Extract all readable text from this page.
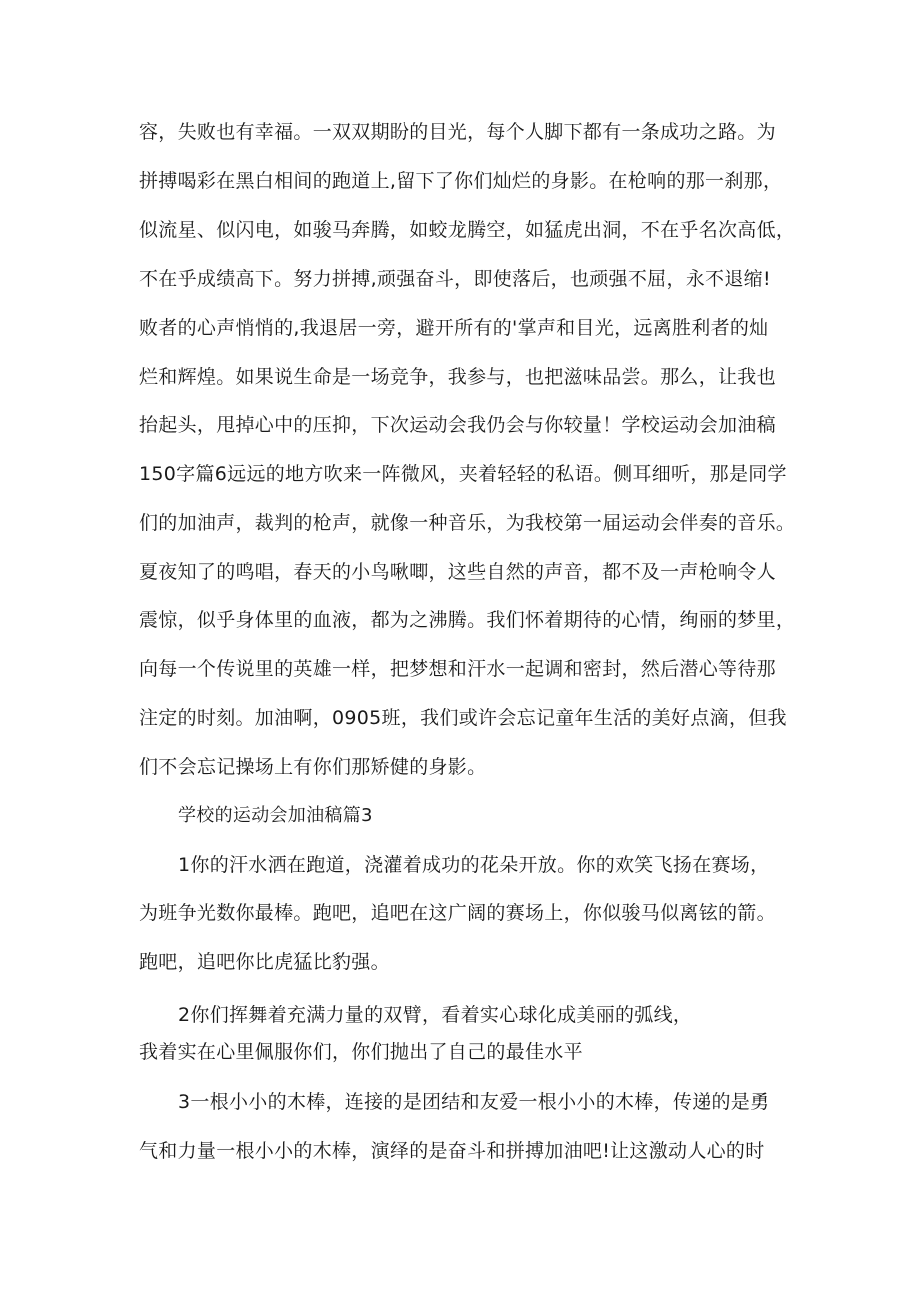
容，失败也有幸福。一双双期盼的目光，每个人脚下都有一条成功之路。为
拼搏喝彩在黑白相间的跑道上,留下了你们灿烂的身影。在枪响的那一刹那，
似流星、似闪电，如骏马奔腾，如蛟龙腾空，如猛虎出洞，不在乎名次高低，
不在乎成绩高下。努力拼搏,顽强奋斗，即使落后，也顽强不屈，永不退缩!
败者的心声悄悄的,我退居一旁，避开所有的'掌声和目光，远离胜利者的灿
烂和辉煌。如果说生命是一场竞争，我参与，也把滋味品尝。那么，让我也
抬起头，甩掉心中的压抑，下次运动会我仍会与你较量！学校运动会加油稿
150字篇6远远的地方吹来一阵微风，夹着轻轻的私语。侧耳细听，那是同学
们的加油声，裁判的枪声，就像一种音乐，为我校第一届运动会伴奏的音乐。
夏夜知了的鸣唱，春天的小鸟啾唧，这些自然的声音，都不及一声枪响令人
震惊，似乎身体里的血液，都为之沸腾。我们怀着期待的心情，绚丽的梦里，
向每一个传说里的英雄一样，把梦想和汗水一起调和密封，然后潜心等待那
注定的时刻。加油啊，0905班，我们或许会忘记童年生活的美好点滴，但我
们不会忘记操场上有你们那矫健的身影。
学校的运动会加油稿篇3
1你的汗水洒在跑道，浇灌着成功的花朵开放。你的欢笑飞扬在赛场，
为班争光数你最棒。跑吧，追吧在这广阔的赛场上，你似骏马似离铉的箭。
跑吧，追吧你比虎猛比豹强。
2你们挥舞着充满力量的双臂，看着实心球化成美丽的弧线，
我着实在心里佩服你们，你们抛出了自己的最佳水平
3一根小小的木棒，连接的是团结和友爱一根小小的木棒，传递的是勇
气和力量一根小小的木棒，演绎的是奋斗和拼搏加油吧!让这激动人心的时
